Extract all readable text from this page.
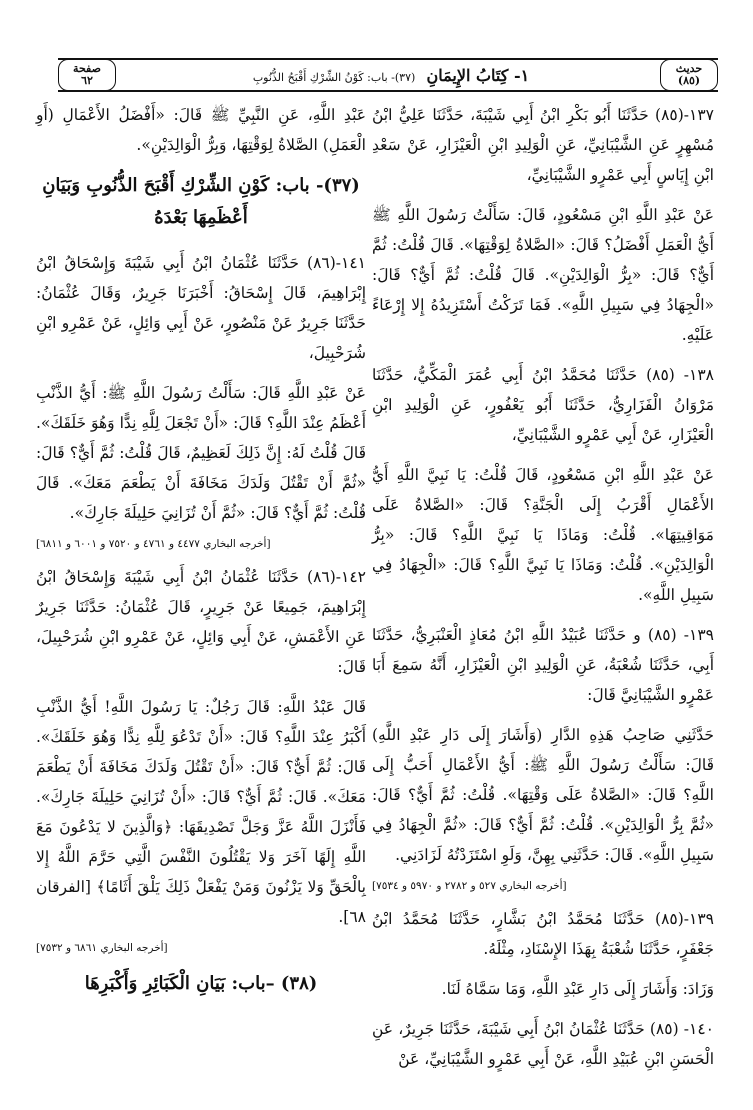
حديث
(٨٥)
١- كِتَابُ الإِيمَانِ (٣٧)- باب: كَوْنُ الشِّرْكِ أَقْبَحُ الذُّنُوبِ
صفحة
٦٢

١٣٧-(٨٥) حَدَّثَنَا أَبُو بَكْرِ ابْنُ أَبِي شَيْبَةَ، حَدَّثَنَا عَلِيُّ ابْنُ مُسْهِرٍ عَنِ الشَّيْبَانِيِّ، عَنِ الْوَلِيدِ ابْنِ الْعَيْزَارِ، عَنْ سَعْدِ ابْنِ إِيَاسٍ أَبِي عَمْرٍو الشَّيْبَانِيِّ،

عَنْ عَبْدِ اللَّهِ ابْنِ مَسْعُودٍ، قَالَ: سَأَلْتُ رَسُولَ اللَّهِ ﷺ أَيُّ الْعَمَلِ أَفْضَلُ؟ قَالَ: «الصَّلاةُ لِوَقْتِهَا». قَالَ قُلْتُ: ثُمَّ أَيٌّ؟ قَالَ: «بِرُّ الْوَالِدَيْنِ». قَالَ قُلْتُ: ثُمَّ أَيٌّ؟ قَالَ: «الْجِهَادُ فِي سَبِيلِ اللَّهِ». فَمَا تَرَكْتُ أَسْتَزِيدُهُ إِلا إِرْعَاءً عَلَيْهِ.

١٣٨- (٨٥) حَدَّثَنَا مُحَمَّدُ ابْنُ أَبِي عُمَرَ الْمَكِّيُّ، حَدَّثَنَا مَرْوَانُ الْفَزَارِيُّ، حَدَّثَنَا أَبُو يَعْفُورٍ، عَنِ الْوَلِيدِ ابْنِ الْعَيْزَارِ، عَنْ أَبِي عَمْرٍو الشَّيْبَانِيِّ،

عَنْ عَبْدِ اللَّهِ ابْنِ مَسْعُودٍ، قَالَ قُلْتُ: يَا نَبِيَّ اللَّهِ أَيُّ الأَعْمَالِ أَقْرَبُ إِلَى الْجَنَّةِ؟ قَالَ: «الصَّلاةُ عَلَى مَوَاقِيتِهَا». قُلْتُ: وَمَاذَا يَا نَبِيَّ اللَّهِ؟ قَالَ: «بِرُّ الْوَالِدَيْنِ». قُلْتُ: وَمَاذَا يَا نَبِيَّ اللَّهِ؟ قَالَ: «الْجِهَادُ فِي سَبِيلِ اللَّهِ».

١٣٩- (٨٥) و حَدَّثَنَا عُبَيْدُ اللَّهِ ابْنُ مُعَاذٍ الْعَنْبَرِيُّ، حَدَّثَنَا أَبِي، حَدَّثَنَا شُعْبَةُ، عَنِ الْوَلِيدِ ابْنِ الْعَيْزَارِ، أَنَّهُ سَمِعَ أَبَا عَمْرٍو الشَّيْبَانِيَّ قَالَ:

حَدَّثَنِي صَاحِبُ هَذِهِ الدَّارِ (وَأَشَارَ إِلَى دَارِ عَبْدِ اللَّهِ) قَالَ: سَأَلْتُ رَسُولَ اللَّهِ ﷺ: أَيُّ الأَعْمَالِ أَحَبُّ إِلَى اللَّهِ؟ قَالَ: «الصَّلاةُ عَلَى وَقْتِهَا». قُلْتُ: ثُمَّ أَيٌّ؟ قَالَ: «ثُمَّ بِرُّ الْوَالِدَيْنِ». قُلْتُ: ثُمَّ أَيٌّ؟ قَالَ: «ثُمَّ الْجِهَادُ فِي سَبِيلِ اللَّهِ». قَالَ: حَدَّثَنِي بِهِنَّ، وَلَوِ اسْتَزَدْتُهُ لَزَادَنِي.

[أخرجه البخاري ٥٢٧ و ٢٧٨٢ و ٥٩٧٠ و ٧٥٣٤]

١٣٩-(٨٥) حَدَّثَنَا مُحَمَّدُ ابْنُ بَشَّارٍ، حَدَّثَنَا مُحَمَّدُ ابْنُ جَعْفَرٍ، حَدَّثَنَا شُعْبَةُ بِهَذَا الإِسْنَادِ، مِثْلَهُ.

وَزَادَ: وَأَشَارَ إِلَى دَارِ عَبْدِ اللَّهِ، وَمَا سَمَّاهُ لَنَا.

١٤٠- (٨٥) حَدَّثَنَا عُثْمَانُ ابْنُ أَبِي شَيْبَةَ، حَدَّثَنَا جَرِيرٌ، عَنِ الْحَسَنِ ابْنِ عُبَيْدِ اللَّهِ، عَنْ أَبِي عَمْرٍو الشَّيْبَانِيِّ، عَنْ

عَبْدِ اللَّهِ، عَنِ النَّبِيِّ ﷺ قَالَ: «أَفْضَلُ الأَعْمَالِ (أَوِ الْعَمَلِ) الصَّلاةُ لِوَقْتِهَا، وَبِرُّ الْوَالِدَيْنِ».

(٣٧)- باب: كَوْنِ الشِّرْكِ أَقْبَحَ الذُّنُوبِ وَبَيَانِ أَعْظَمِهَا بَعْدَهُ

١٤١-(٨٦) حَدَّثَنَا عُثْمَانُ ابْنُ أَبِي شَيْبَةَ وَإِسْحَاقُ ابْنُ إِبْرَاهِيمَ، قَالَ إِسْحَاقُ: أَخْبَرَنَا جَرِيرٌ، وَقَالَ عُثْمَانُ: حَدَّثَنَا جَرِيرٌ عَنْ مَنْصُورٍ، عَنْ أَبِي وَائِلٍ، عَنْ عَمْرِو ابْنِ شُرَحْبِيلَ،

عَنْ عَبْدِ اللَّهِ قَالَ: سَأَلْتُ رَسُولَ اللَّهِ ﷺ: أَيُّ الذَّنْبِ أَعْظَمُ عِنْدَ اللَّهِ؟ قَالَ: «أَنْ تَجْعَلَ لِلَّهِ نِدًّا وَهُوَ خَلَقَكَ». قَالَ قُلْتُ لَهُ: إِنَّ ذَلِكَ لَعَظِيمٌ، قَالَ قُلْتُ: ثُمَّ أَيٌّ؟ قَالَ: «ثُمَّ أَنْ تَقْتُلَ وَلَدَكَ مَخَافَةَ أَنْ يَطْعَمَ مَعَكَ». قَالَ قُلْتُ: ثُمَّ أَيٌّ؟ قَالَ: «ثُمَّ أَنْ تُزَانِيَ حَلِيلَةَ جَارِكَ».

[أخرجه البخاري ٤٤٧٧ و ٤٧٦١ و ٧٥٢٠ و ٦٠٠١ و ٦٨١١]

١٤٢-(٨٦) حَدَّثَنَا عُثْمَانُ ابْنُ أَبِي شَيْبَةَ وَإِسْحَاقُ ابْنُ إِبْرَاهِيمَ، جَمِيعًا عَنْ جَرِيرٍ، قَالَ عُثْمَانُ: حَدَّثَنَا جَرِيرٌ عَنِ الأَعْمَشِ، عَنْ أَبِي وَائِلٍ، عَنْ عَمْرِو ابْنِ شُرَحْبِيلَ، قَالَ:

قَالَ عَبْدُ اللَّهِ: قَالَ رَجُلٌ: يَا رَسُولَ اللَّهِ! أَيُّ الذَّنْبِ أَكْبَرُ عِنْدَ اللَّهِ؟ قَالَ: «أَنْ تَدْعُوَ لِلَّهِ نِدًّا وَهُوَ خَلَقَكَ». قَالَ: ثُمَّ أَيٌّ؟ قَالَ: «أَنْ تَقْتُلَ وَلَدَكَ مَخَافَةَ أَنْ يَطْعَمَ مَعَكَ». قَالَ: ثُمَّ أَيٌّ؟ قَالَ: «أَنْ تُزَانِيَ حَلِيلَةَ جَارِكَ». فَأَنْزَلَ اللَّهُ عَزَّ وَجَلَّ تَصْدِيقَهَا: ﴿وَالَّذِينَ لا يَدْعُونَ مَعَ اللَّهِ إِلَهًا آخَرَ وَلا يَقْتُلُونَ النَّفْسَ الَّتِي حَرَّمَ اللَّهُ إِلا بِالْحَقِّ وَلا يَزْنُونَ وَمَنْ يَفْعَلْ ذَلِكَ يَلْقَ أَثَامًا﴾ [الفرقان ٦٨].

[أخرجه البخاري ٦٨٦١ و ٧٥٣٢]

(٣٨) –باب: بَيَانِ الْكَبَائِرِ وَأَكْبَرِهَا
